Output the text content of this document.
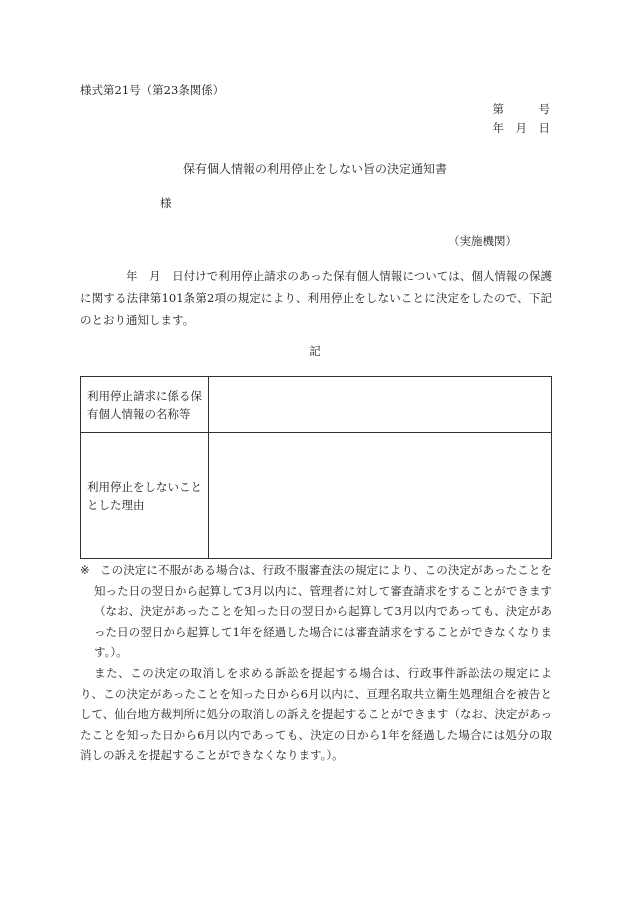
様式第21号（第23条関係）
第　　　号
年　月　日
保有個人情報の利用停止をしない旨の決定通知書
様
（実施機関）
年　月　日付けで利用停止請求のあった保有個人情報については、個人情報の保護に関する法律第101条第2項の規定により、利用停止をしないことに決定をしたので、下記のとおり通知します。
記
利用停止請求に係る保有個人情報の名称等	
利用停止をしないこととした理由	
※ この決定に不服がある場合は、行政不服審査法の規定により、この決定があったことを知った日の翌日から起算して3月以内に、管理者に対して審査請求をすることができます（なお、決定があったことを知った日の翌日から起算して3月以内であっても、決定があった日の翌日から起算して1年を経過した場合には審査請求をすることができなくなります。）。

また、この決定の取消しを求める訴訟を提起する場合は、行政事件訴訟法の規定により、この決定があったことを知った日から6月以内に、亘理名取共立衛生処理組合を被告として、仙台地方裁判所に処分の取消しの訴えを提起することができます（なお、決定があったことを知った日から6月以内であっても、決定の日から1年を経過した場合には処分の取消しの訴えを提起することができなくなります。）。
